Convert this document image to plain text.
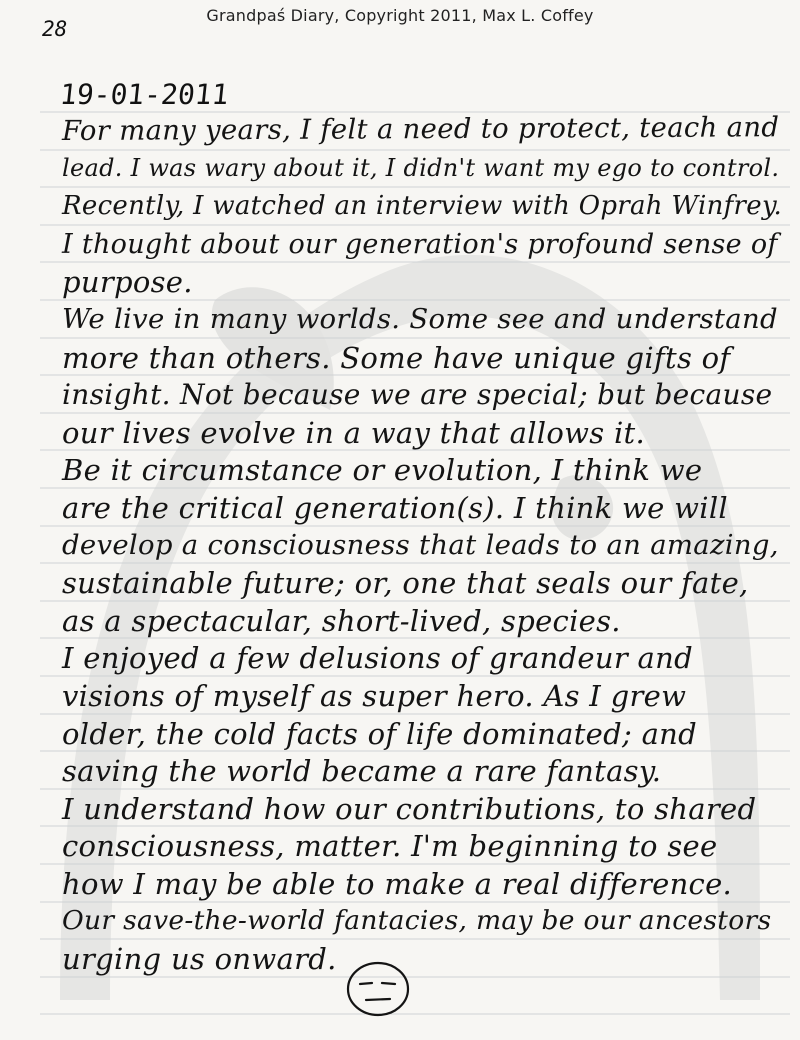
Grandpaś Diary, Copyright 2011, Max L. Coffey
28
19-01-2011
For many years, I felt a need to protect, teach and
lead. I was wary about it, I didn't want my ego to control.
Recently, I watched an interview with Oprah Winfrey.
I thought about our generation's profound sense of
purpose.
We live in many worlds. Some see and understand
more than others. Some have unique gifts of
insight. Not because we are special; but because
our lives evolve in a way that allows it.
Be it circumstance or evolution, I think we
are the critical generation(s). I think we will
develop a consciousness that leads to an amazing,
sustainable future; or, one that seals our fate,
as a spectacular, short-lived, species.
I enjoyed a few delusions of grandeur and
visions of myself as super hero. As I grew
older, the cold facts of life dominated; and
saving the world became a rare fantasy.
I understand how our contributions, to shared
consciousness, matter. I'm beginning to see
how I may be able to make a real difference.
Our save-the-world fantacies, may be our ancestors
urging us onward.
